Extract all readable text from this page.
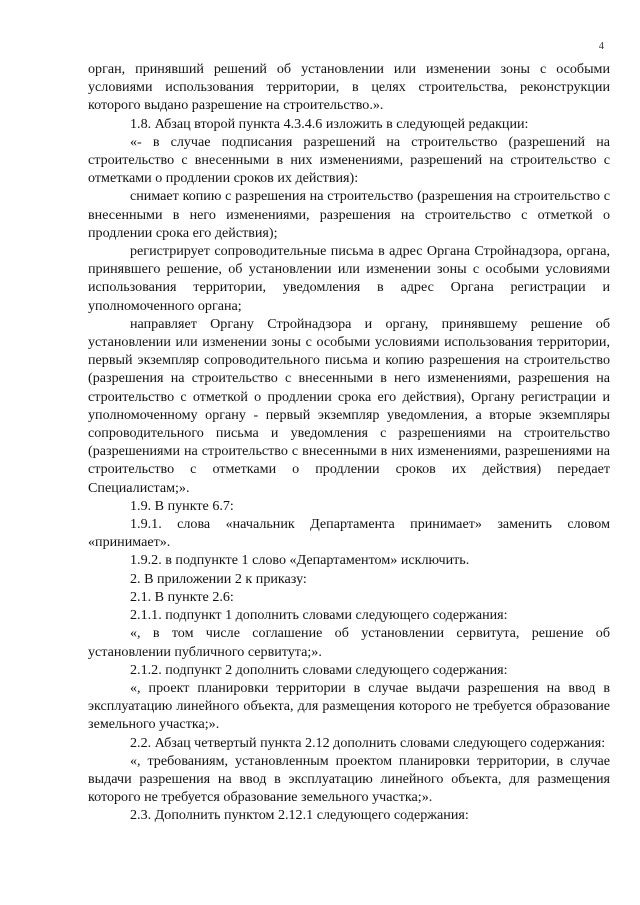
4

орган, принявший решений об установлении или изменении зоны с особыми условиями использования территории, в целях строительства, реконструкции которого выдано разрешение на строительство.».

1.8. Абзац второй пункта 4.3.4.6 изложить в следующей редакции:

«- в случае подписания разрешений на строительство (разрешений на строительство с внесенными в них изменениями, разрешений на строительство с отметками о продлении сроков их действия):

снимает копию с разрешения на строительство (разрешения на строительство с внесенными в него изменениями, разрешения на строительство с отметкой о продлении срока его действия);

регистрирует сопроводительные письма в адрес Органа Стройнадзора, органа, принявшего решение, об установлении или изменении зоны с особыми условиями использования территории, уведомления в адрес Органа регистрации и уполномоченного органа;

направляет Органу Стройнадзора и органу, принявшему решение об установлении или изменении зоны с особыми условиями использования территории, первый экземпляр сопроводительного письма и копию разрешения на строительство (разрешения на строительство с внесенными в него изменениями, разрешения на строительство с отметкой о продлении срока его действия), Органу регистрации и уполномоченному органу - первый экземпляр уведомления, а вторые экземпляры сопроводительного письма и уведомления с разрешениями на строительство (разрешениями на строительство с внесенными в них изменениями, разрешениями на строительство с отметками о продлении сроков их действия) передает Специалистам;».

1.9. В пункте 6.7:

1.9.1. слова «начальник Департамента принимает» заменить словом «принимает».

1.9.2. в подпункте 1 слово «Департаментом» исключить.

2. В приложении 2 к приказу:

2.1. В пункте 2.6:

2.1.1. подпункт 1 дополнить словами следующего содержания:

«, в том числе соглашение об установлении сервитута, решение об установлении публичного сервитута;».

2.1.2. подпункт 2 дополнить словами следующего содержания:

«, проект планировки территории в случае выдачи разрешения на ввод в эксплуатацию линейного объекта, для размещения которого не требуется образование земельного участка;».

2.2. Абзац четвертый пункта 2.12 дополнить словами следующего содержания:

«, требованиям, установленным проектом планировки территории, в случае выдачи разрешения на ввод в эксплуатацию линейного объекта, для размещения которого не требуется образование земельного участка;».

2.3. Дополнить пунктом 2.12.1 следующего содержания:
